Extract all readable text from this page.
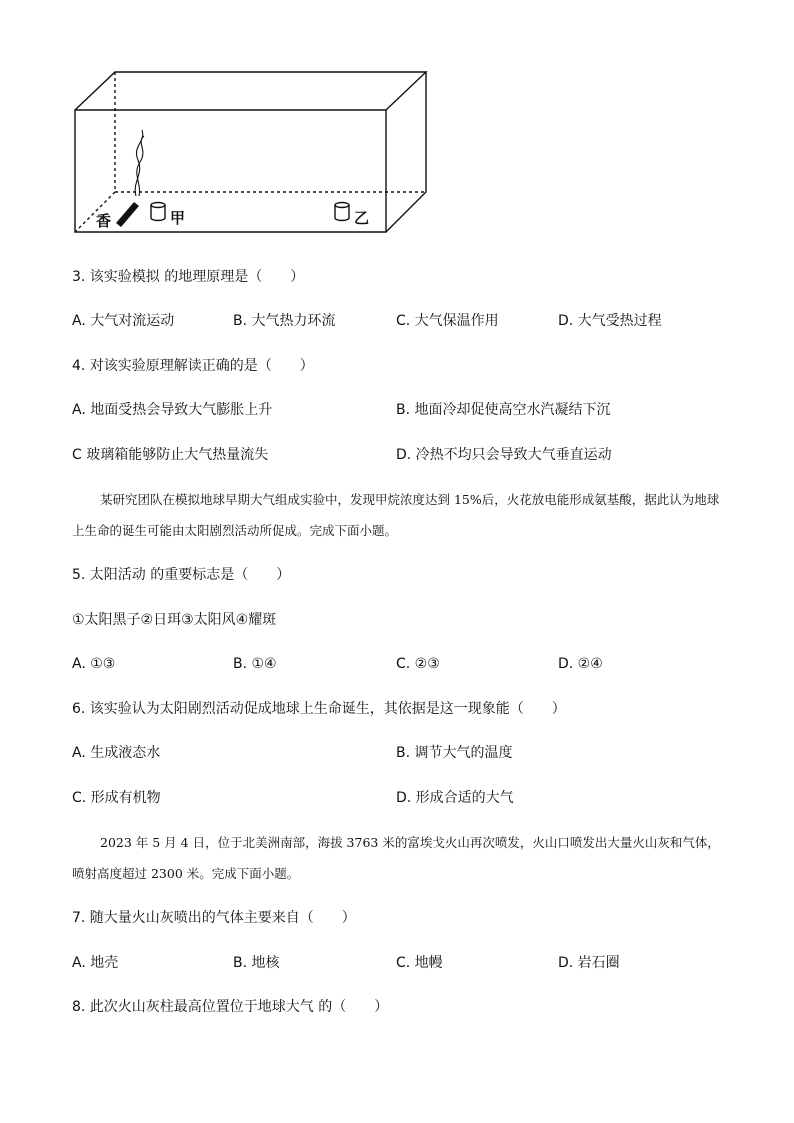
香	甲	乙
3. 该实验模拟 的地理原理是（　　）
A. 大气对流运动	B. 大气热力环流	C. 大气保温作用	D. 大气受热过程
4. 对该实验原理解读正确的是（　　）
A. 地面受热会导致大气膨胀上升	B. 地面冷却促使高空水汽凝结下沉
C 玻璃箱能够防止大气热量流失	D. 冷热不均只会导致大气垂直运动
某研究团队在模拟地球早期大气组成实验中，发现甲烷浓度达到 15%后，火花放电能形成氨基酸，据此认为地球上生命的诞生可能由太阳剧烈活动所促成。完成下面小题。
5. 太阳活动 的重要标志是（　　）
①太阳黑子②日珥③太阳风④耀斑
A. ①③	B. ①④	C. ②③	D. ②④
6. 该实验认为太阳剧烈活动促成地球上生命诞生，其依据是这一现象能（　　）
A. 生成液态水	B. 调节大气的温度
C. 形成有机物	D. 形成合适的大气
2023 年 5 月 4 日，位于北美洲南部，海拔 3763 米的富埃戈火山再次喷发，火山口喷发出大量火山灰和气体，喷射高度超过 2300 米。完成下面小题。
7. 随大量火山灰喷出的气体主要来自（　　）
A. 地壳	B. 地核	C. 地幔	D. 岩石圈
8. 此次火山灰柱最高位置位于地球大气 的（　　）
